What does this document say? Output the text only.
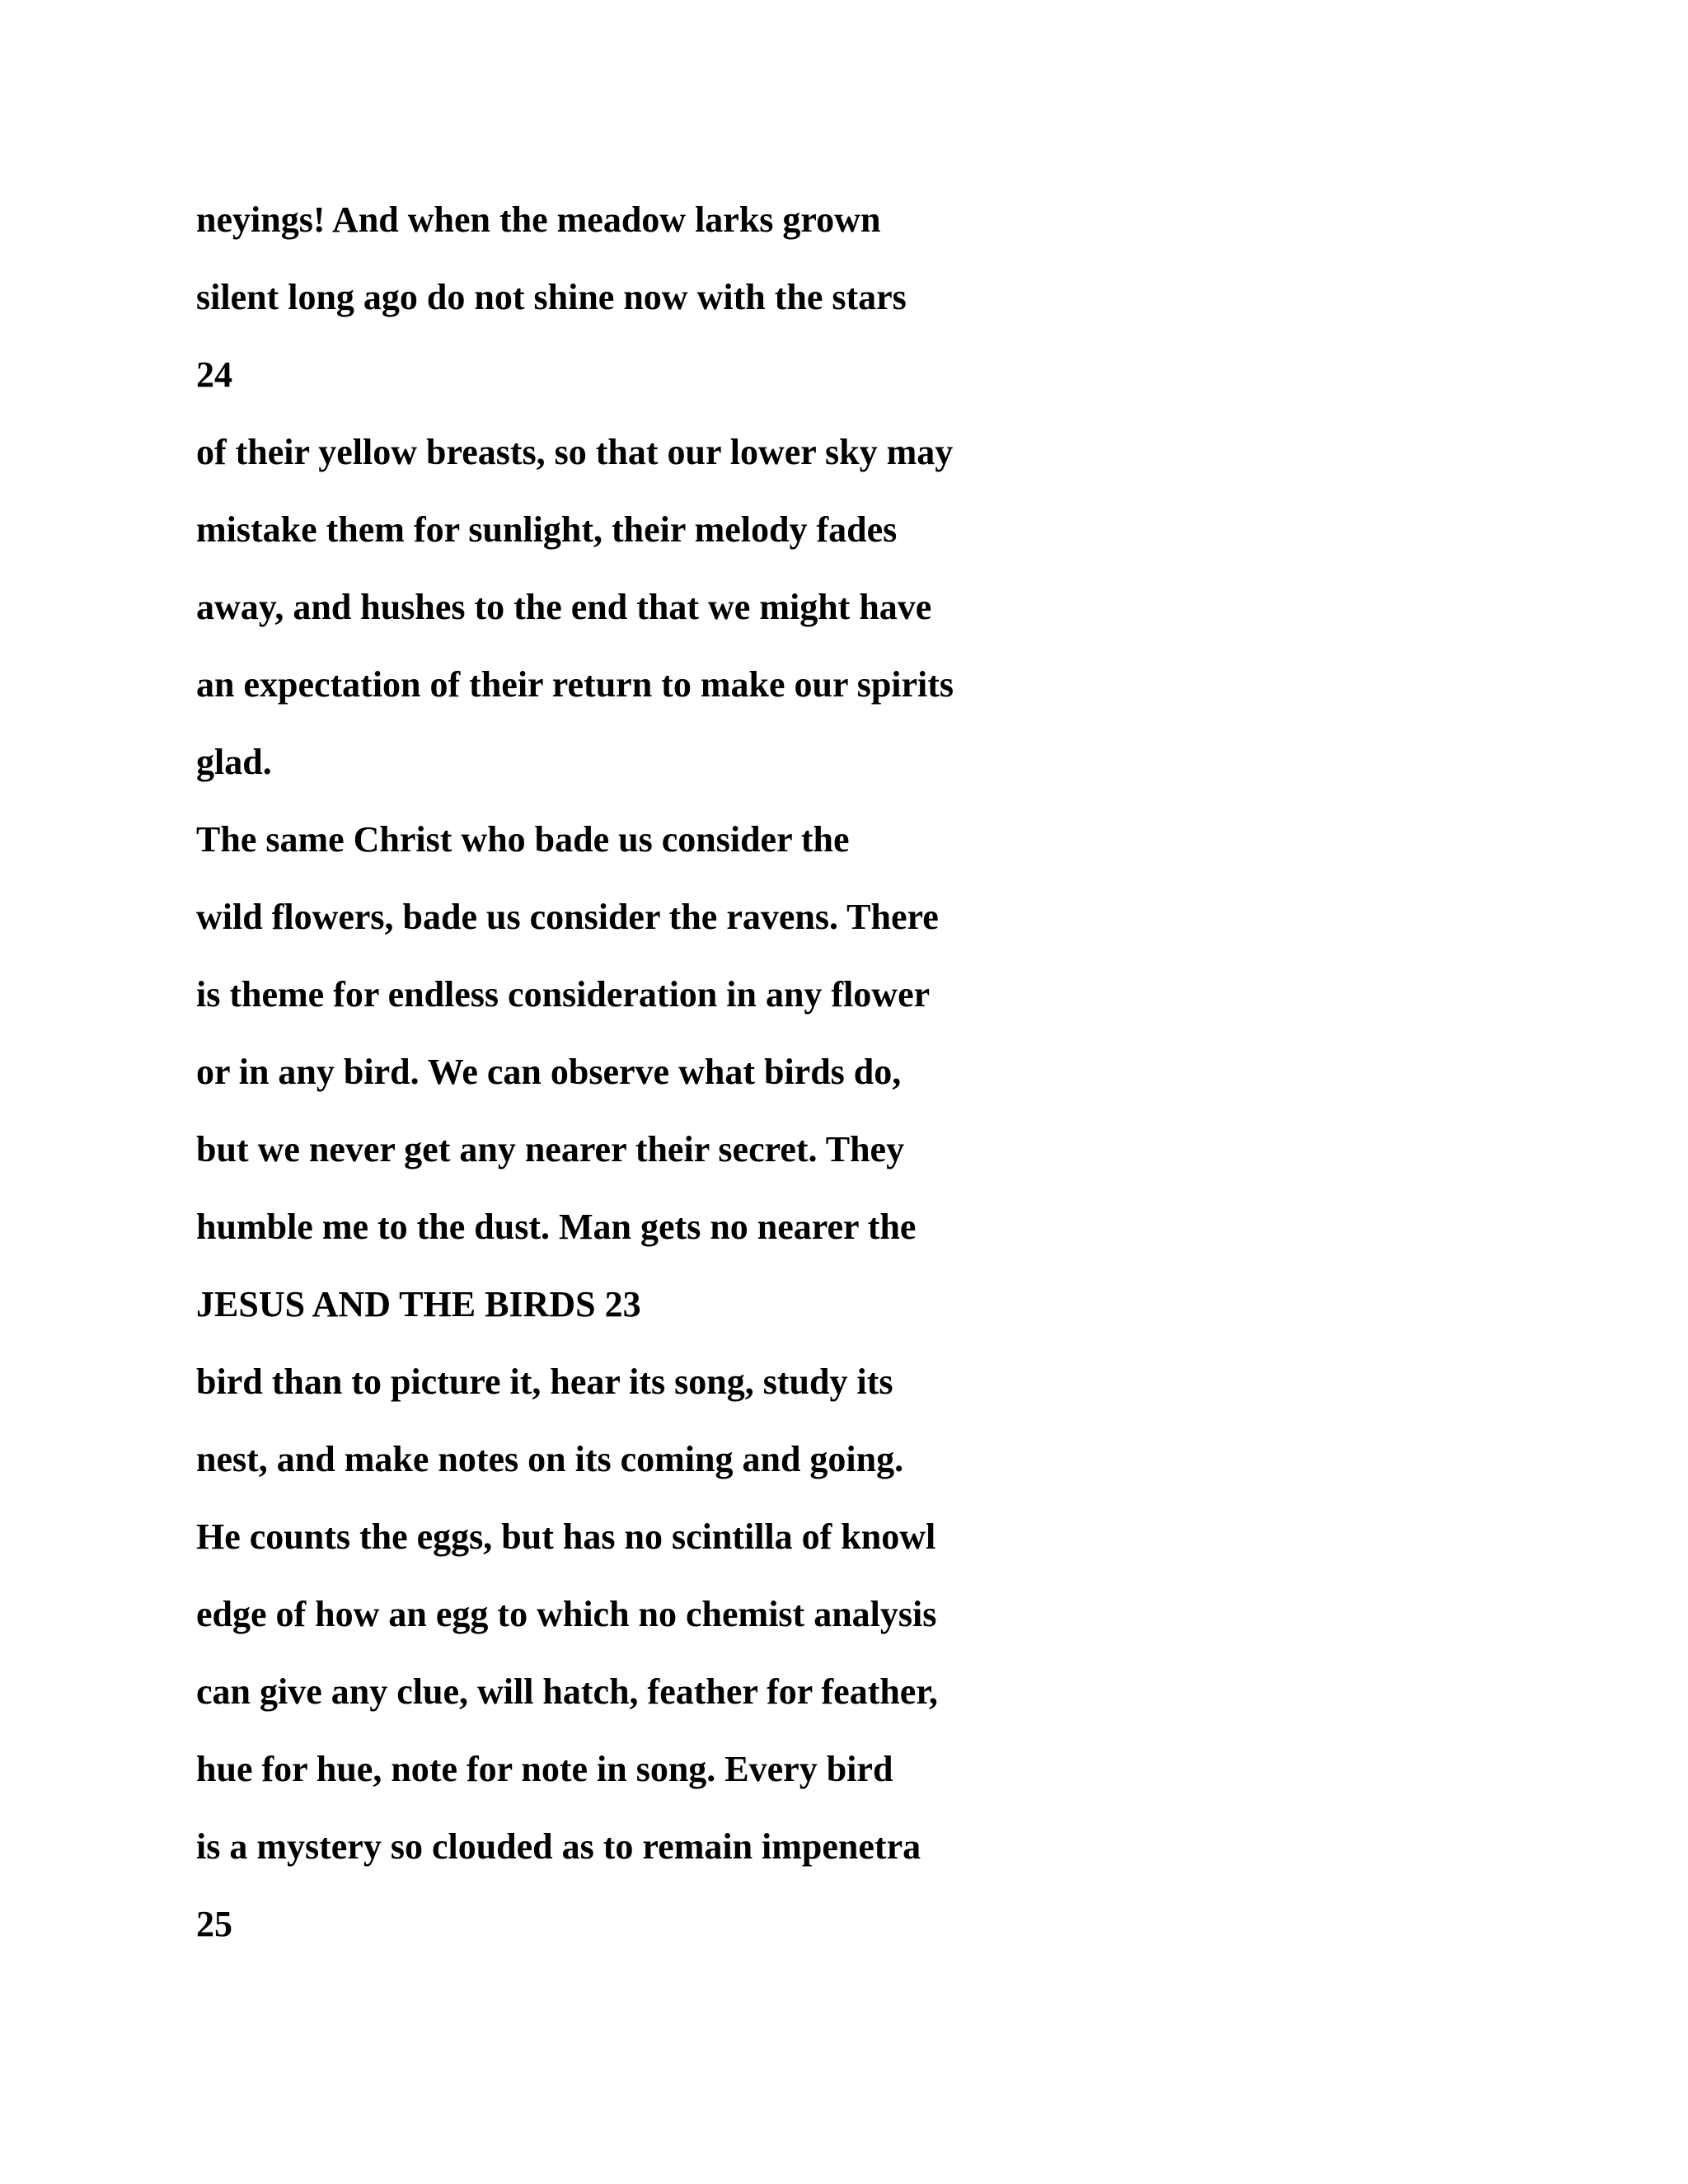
neyings! And when the meadow larks grown
silent long ago do not shine now with the stars
24
of their yellow breasts, so that our lower sky may
mistake them for sunlight, their melody fades
away, and hushes to the end that we might have
an expectation of their return to make our spirits
glad.
The same Christ who bade us consider the
wild flowers, bade us consider the ravens. There
is theme for endless consideration in any flower
or in any bird. We can observe what birds do,
but we never get any nearer their secret. They
humble me to the dust. Man gets no nearer the
JESUS AND THE BIRDS 23
bird than to picture it, hear its song, study its
nest, and make notes on its coming and going.
He counts the eggs, but has no scintilla of knowl
edge of how an egg to which no chemist analysis
can give any clue, will hatch, feather for feather,
hue for hue, note for note in song. Every bird
is a mystery so clouded as to remain impenetra
25
